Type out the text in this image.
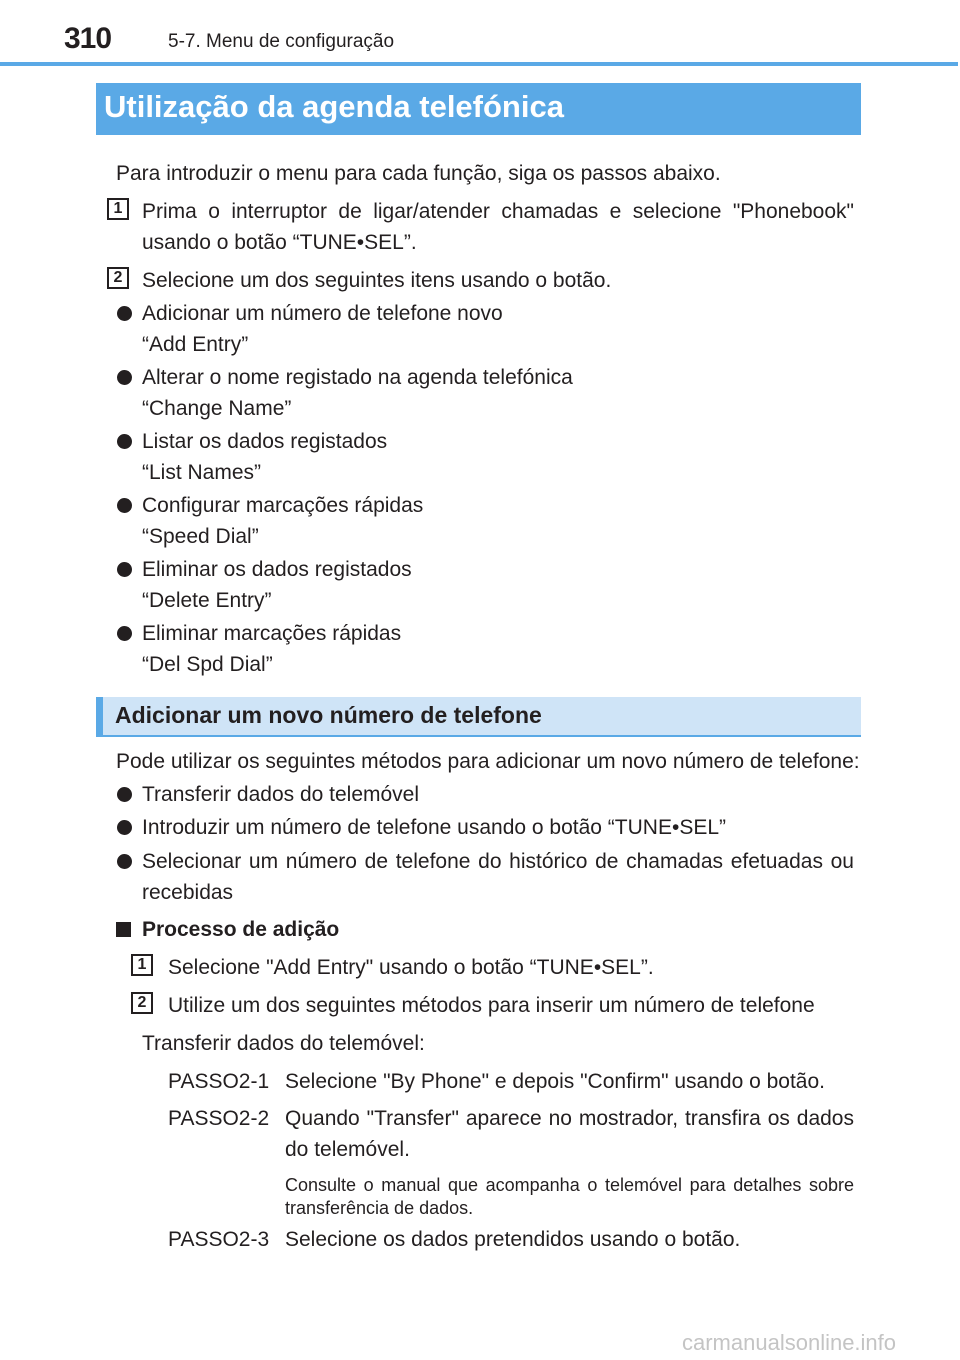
310	5-7. Menu de configuração
Utilização da agenda telefónica
Para introduzir o menu para cada função, siga os passos abaixo.
1 Prima o interruptor de ligar/atender chamadas e selecione "Phonebook"
usando o botão “TUNE•SEL”.
2 Selecione um dos seguintes itens usando o botão.
Adicionar um número de telefone novo
“Add Entry”
Alterar o nome registado na agenda telefónica
“Change Name”
Listar os dados registados
“List Names”
Configurar marcações rápidas
“Speed Dial”
Eliminar os dados registados
“Delete Entry”
Eliminar marcações rápidas
“Del Spd Dial”
Adicionar um novo número de telefone
Pode utilizar os seguintes métodos para adicionar um novo número de telefone:
Transferir dados do telemóvel
Introduzir um número de telefone usando o botão “TUNE•SEL”
Selecionar um número de telefone do histórico de chamadas efetuadas ou
recebidas
Processo de adição
1	Selecione "Add Entry" usando o botão “TUNE•SEL”.
2	Utilize um dos seguintes métodos para inserir um número de telefone
Transferir dados do telemóvel:
PASSO2-1 Selecione "By Phone" e depois "Confirm" usando o botão.
PASSO2-2 Quando "Transfer" aparece no mostrador, transfira os dados
do telemóvel.
Consulte o manual que acompanha o telemóvel para detalhes sobre
transferência de dados.
PASSO2-3 Selecione os dados pretendidos usando o botão.
carmanualsonline.info
